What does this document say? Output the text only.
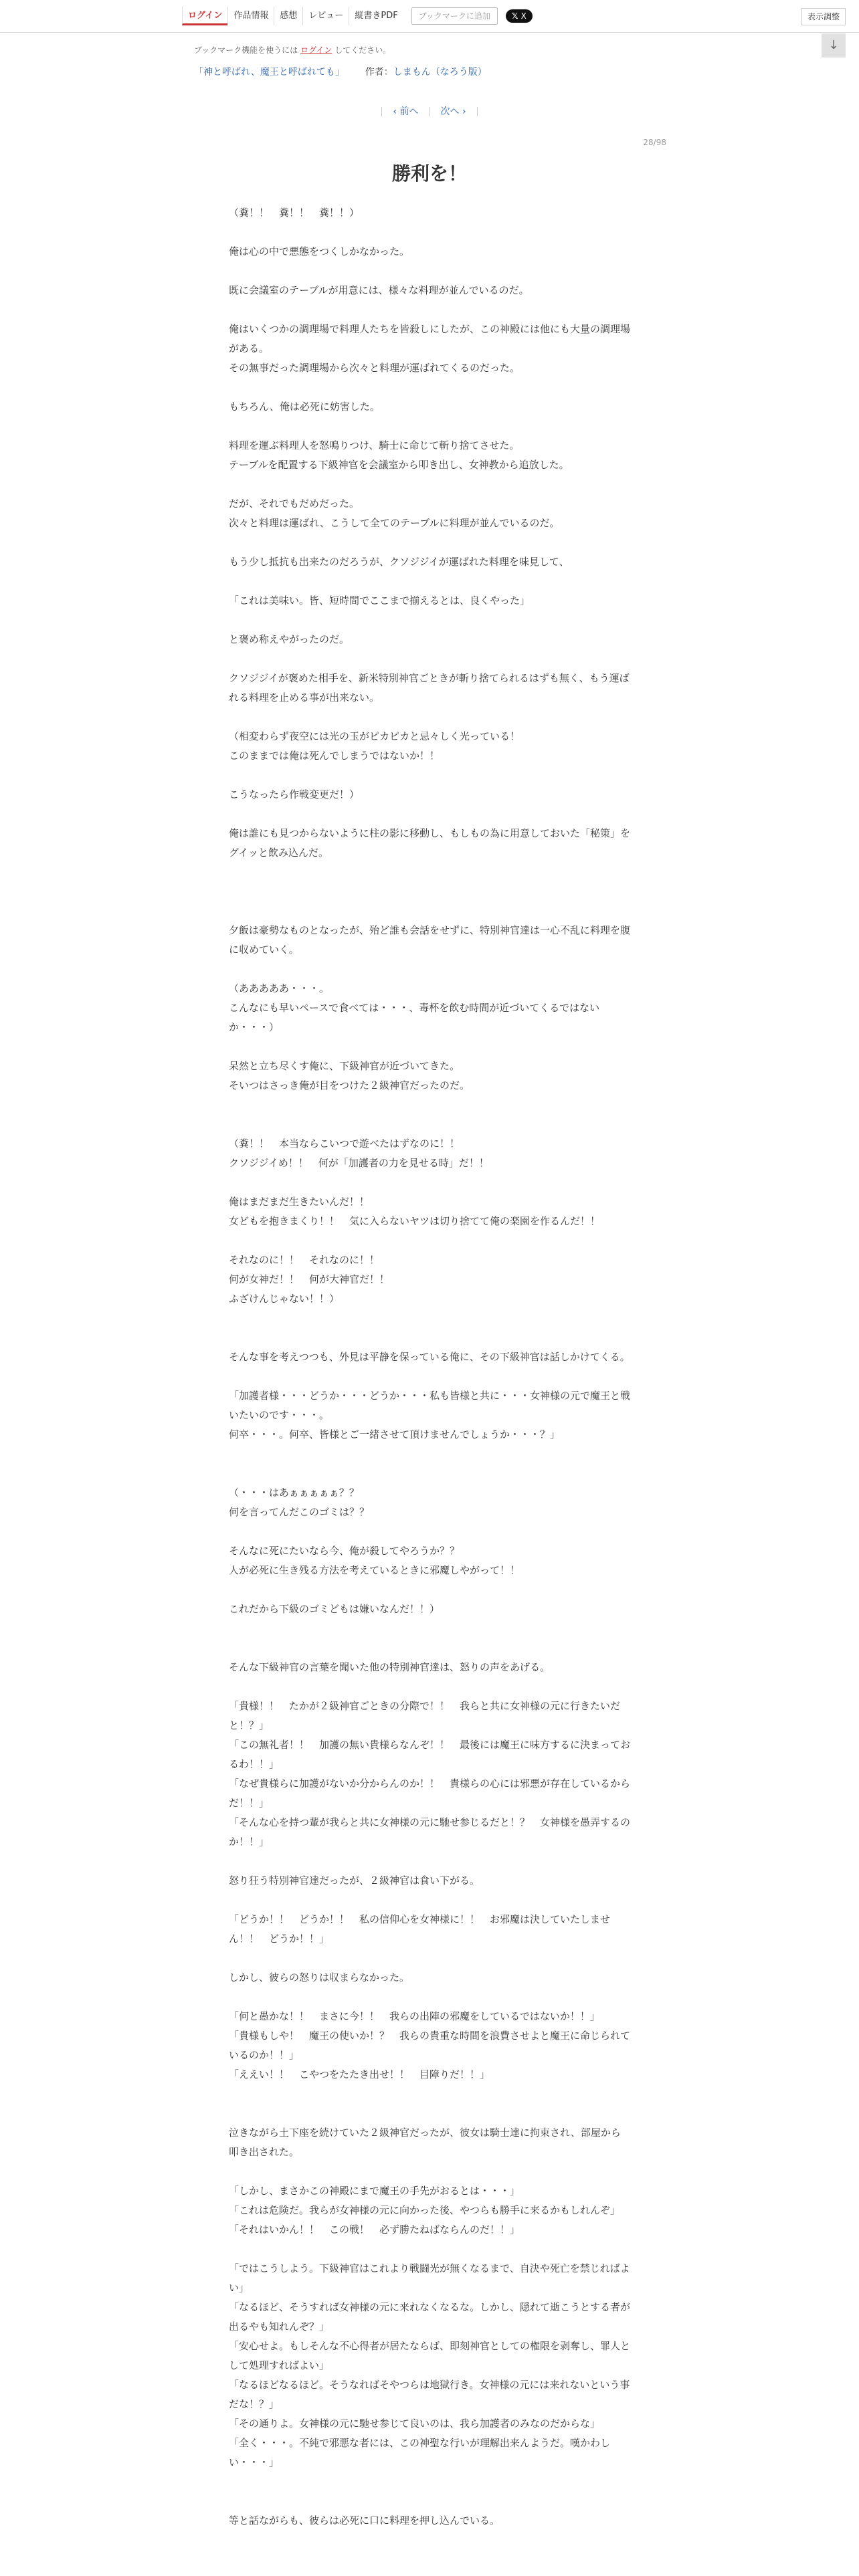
ログイン	作品情報	感想	レビュー	縦書きPDF	ブックマークに追加	𝕏 X	表示調整
↓
ブックマーク機能を使うには ログイン してください。
「神と呼ばれ、魔王と呼ばれても」 作者：しまもん（なろう版）
‹ 前へ 次へ ›
28/98
勝利を！

（糞！！　糞！！　糞！！）

俺は心の中で悪態をつくしかなかった。

既に会議室のテーブルが用意には、様々な料理が並んでいるのだ。

俺はいくつかの調理場で料理人たちを皆殺しにしたが、この神殿には他にも大量の調理場がある。

その無事だった調理場から次々と料理が運ばれてくるのだった。

もちろん、俺は必死に妨害した。

料理を運ぶ料理人を怒鳴りつけ、騎士に命じて斬り捨てさせた。

テーブルを配置する下級神官を会議室から叩き出し、女神教から追放した。

だが、それでもだめだった。

次々と料理は運ばれ、こうして全てのテーブルに料理が並んでいるのだ。

もう少し抵抗も出来たのだろうが、クソジジイが運ばれた料理を味見して、

「これは美味い。皆、短時間でここまで揃えるとは、良くやった」

と褒め称えやがったのだ。

クソジジイが褒めた相手を、新米特別神官ごときが斬り捨てられるはずも無く、もう運ばれる料理を止める事が出来ない。

（相変わらず夜空には光の玉がピカピカと忌々しく光っている！

このままでは俺は死んでしまうではないか！！

こうなったら作戦変更だ！）

俺は誰にも見つからないように柱の影に移動し、もしもの為に用意しておいた「秘策」をグイッと飲み込んだ。

夕飯は豪勢なものとなったが、殆ど誰も会話をせずに、特別神官達は一心不乱に料理を腹に収めていく。

（あああああ・・・。

こんなにも早いペースで食べては・・・、毒杯を飲む時間が近づいてくるではないか・・・）

呆然と立ち尽くす俺に、下級神官が近づいてきた。

そいつはさっき俺が目をつけた２級神官だったのだ。

（糞！！　本当ならこいつで遊べたはずなのに！！

クソジジイめ！！　何が「加護者の力を見せる時」だ！！

俺はまだまだ生きたいんだ！！

女どもを抱きまくり！！　気に入らないヤツは切り捨てて俺の楽園を作るんだ！！

それなのに！！　それなのに！！

何が女神だ！！　何が大神官だ！！

ふざけんじゃない！！）

そんな事を考えつつも、外見は平静を保っている俺に、その下級神官は話しかけてくる。

「加護者様・・・どうか・・・どうか・・・私も皆様と共に・・・女神様の元で魔王と戦いたいのです・・・。

何卒・・・。何卒、皆様とご一緒させて頂けませんでしょうか・・・？」

（・・・はあぁぁぁぁぁ？？

何を言ってんだこのゴミは？？

そんなに死にたいなら今、俺が殺してやろうか？？

人が必死に生き残る方法を考えているときに邪魔しやがって！！

これだから下級のゴミどもは嫌いなんだ！！）

そんな下級神官の言葉を聞いた他の特別神官達は、怒りの声をあげる。

「貴様！！　たかが２級神官ごときの分際で！！　我らと共に女神様の元に行きたいだと！？」

「この無礼者！！　加護の無い貴様らなんぞ！！　最後には魔王に味方するに決まっておるわ！！」

「なぜ貴様らに加護がないか分からんのか！！　貴様らの心には邪悪が存在しているからだ！！」

「そんな心を持つ輩が我らと共に女神様の元に馳せ参じるだと！？　女神様を愚弄するのか！！」

怒り狂う特別神官達だったが、２級神官は食い下がる。

「どうか！！　どうか！！　私の信仰心を女神様に！！　お邪魔は決していたしません！！　どうか！！」

しかし、彼らの怒りは収まらなかった。

「何と愚かな！！　まさに今！！　我らの出陣の邪魔をしているではないか！！」

「貴様もしや！　魔王の使いか！？　我らの貴重な時間を浪費させよと魔王に命じられているのか！！」

「ええい！！　こやつをたたき出せ！！　目障りだ！！」

泣きながら土下座を続けていた２級神官だったが、彼女は騎士達に拘束され、部屋から叩き出された。

「しかし、まさかこの神殿にまで魔王の手先がおるとは・・・」

「これは危険だ。我らが女神様の元に向かった後、やつらも勝手に来るかもしれんぞ」

「それはいかん！！　この戦！　必ず勝たねばならんのだ！！」

「ではこうしよう。下級神官はこれより戦闘光が無くなるまで、自決や死亡を禁じればよい」

「なるほど、そうすれば女神様の元に来れなくなるな。しかし、隠れて逝こうとする者が出るやも知れんぞ？」

「安心せよ。もしそんな不心得者が居たならば、即刻神官としての権限を剥奪し、罪人として処理すればよい」

「なるほどなるほど。そうなればそやつらは地獄行き。女神様の元には来れないという事だな！？」

「その通りよ。女神様の元に馳せ参じて良いのは、我ら加護者のみなのだからな」

「全く・・・。不純で邪悪な者には、この神聖な行いが理解出来んようだ。嘆かわしい・・・」

等と話ながらも、彼らは必死に口に料理を押し込んでいる。
